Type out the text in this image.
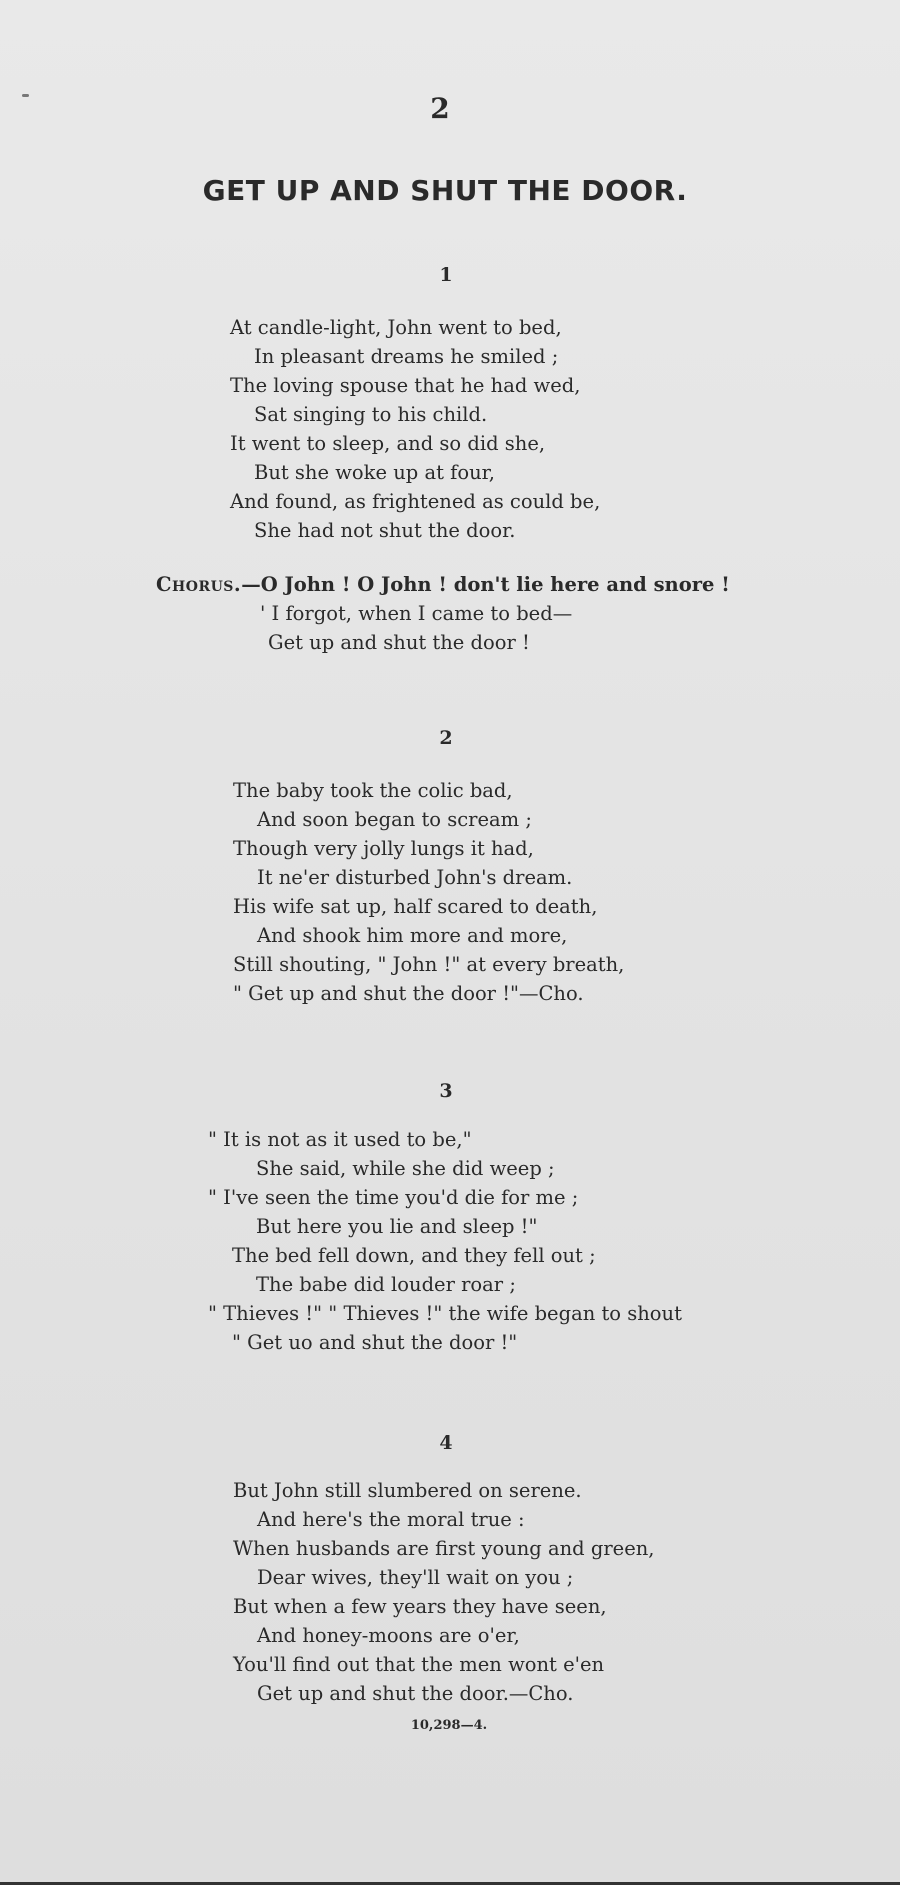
2
GET UP AND SHUT THE DOOR.
1
At candle-light, John went to bed,
In pleasant dreams he smiled ;
The loving spouse that he had wed,
Sat singing to his child.
It went to sleep, and so did she,
But she woke up at four,
And found, as frightened as could be,
She had not shut the door.
Chorus.—O John ! O John ! don't lie here and snore !
' I forgot, when I came to bed—
Get up and shut the door !
2
The baby took the colic bad,
And soon began to scream ;
Though very jolly lungs it had,
It ne'er disturbed John's dream.
His wife sat up, half scared to death,
And shook him more and more,
Still shouting, " John !" at every breath,
" Get up and shut the door !"—Cho.
3
" It is not as it used to be,"
She said, while she did weep ;
" I've seen the time you'd die for me ;
But here you lie and sleep !"
The bed fell down, and they fell out ;
The babe did louder roar ;
" Thieves !" " Thieves !" the wife began to shout
" Get uo and shut the door !"
4
But John still slumbered on serene.
And here's the moral true :
When husbands are first young and green,
Dear wives, they'll wait on you ;
But when a few years they have seen,
And honey-moons are o'er,
You'll find out that the men wont e'en
Get up and shut the door.—Cho.
10,298—4.
